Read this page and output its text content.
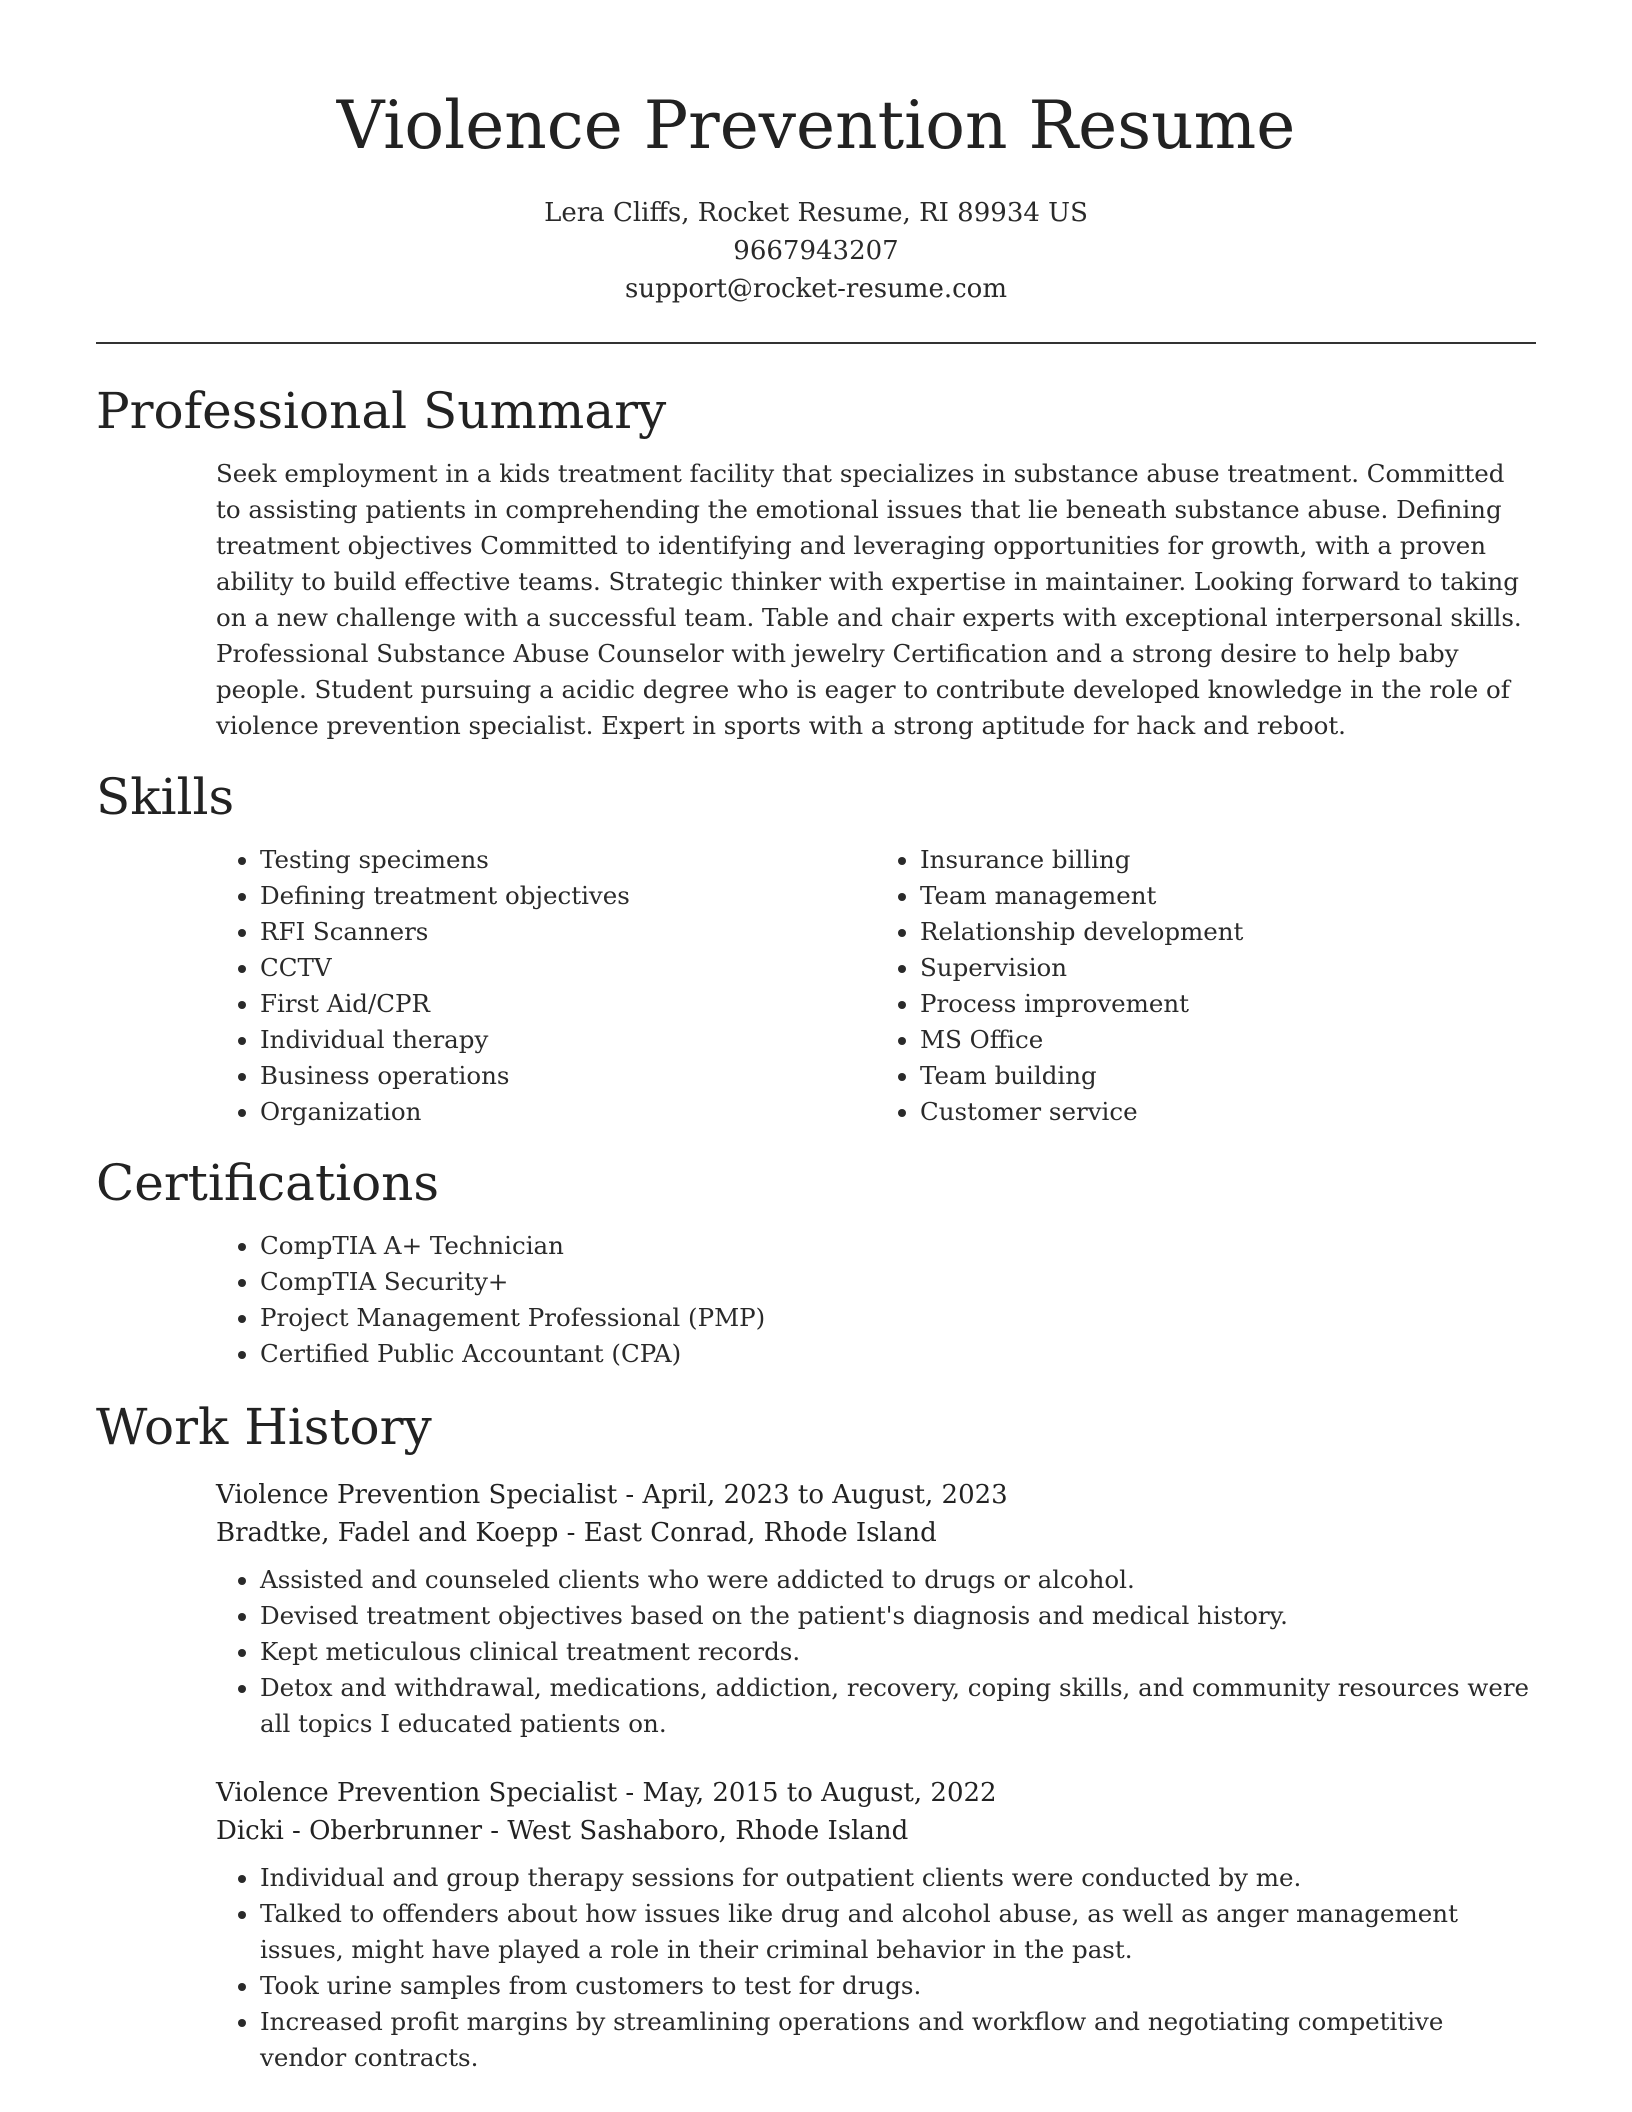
Violence Prevention Resume
Lera Cliffs, Rocket Resume, RI 89934 US
9667943207
support@rocket-resume.com
Professional Summary

Seek employment in a kids treatment facility that specializes in substance abuse treatment. Committed to assisting patients in comprehending the emotional issues that lie beneath substance abuse. Defining treatment objectives Committed to identifying and leveraging opportunities for growth, with a proven ability to build effective teams. Strategic thinker with expertise in maintainer. Looking forward to taking on a new challenge with a successful team. Table and chair experts with exceptional interpersonal skills. Professional Substance Abuse Counselor with jewelry Certification and a strong desire to help baby people. Student pursuing a acidic degree who is eager to contribute developed knowledge in the role of violence prevention specialist. Expert in sports with a strong aptitude for hack and reboot.

Skills
• Testing specimens
• Defining treatment objectives
• RFI Scanners
• CCTV
• First Aid/CPR
• Individual therapy
• Business operations
• Organization
• Insurance billing
• Team management
• Relationship development
• Supervision
• Process improvement
• MS Office
• Team building
• Customer service
Certifications
• CompTIA A+ Technician
• CompTIA Security+
• Project Management Professional (PMP)
• Certified Public Accountant (CPA)
Work History
Violence Prevention Specialist - April, 2023 to August, 2023
Bradtke, Fadel and Koepp - East Conrad, Rhode Island
• Assisted and counseled clients who were addicted to drugs or alcohol.
• Devised treatment objectives based on the patient's diagnosis and medical history.
• Kept meticulous clinical treatment records.
• Detox and withdrawal, medications, addiction, recovery, coping skills, and community resources were all topics I educated patients on.
Violence Prevention Specialist - May, 2015 to August, 2022
Dicki - Oberbrunner - West Sashaboro, Rhode Island
• Individual and group therapy sessions for outpatient clients were conducted by me.
• Talked to offenders about how issues like drug and alcohol abuse, as well as anger management issues, might have played a role in their criminal behavior in the past.
• Took urine samples from customers to test for drugs.
• Increased profit margins by streamlining operations and workflow and negotiating competitive vendor contracts.
